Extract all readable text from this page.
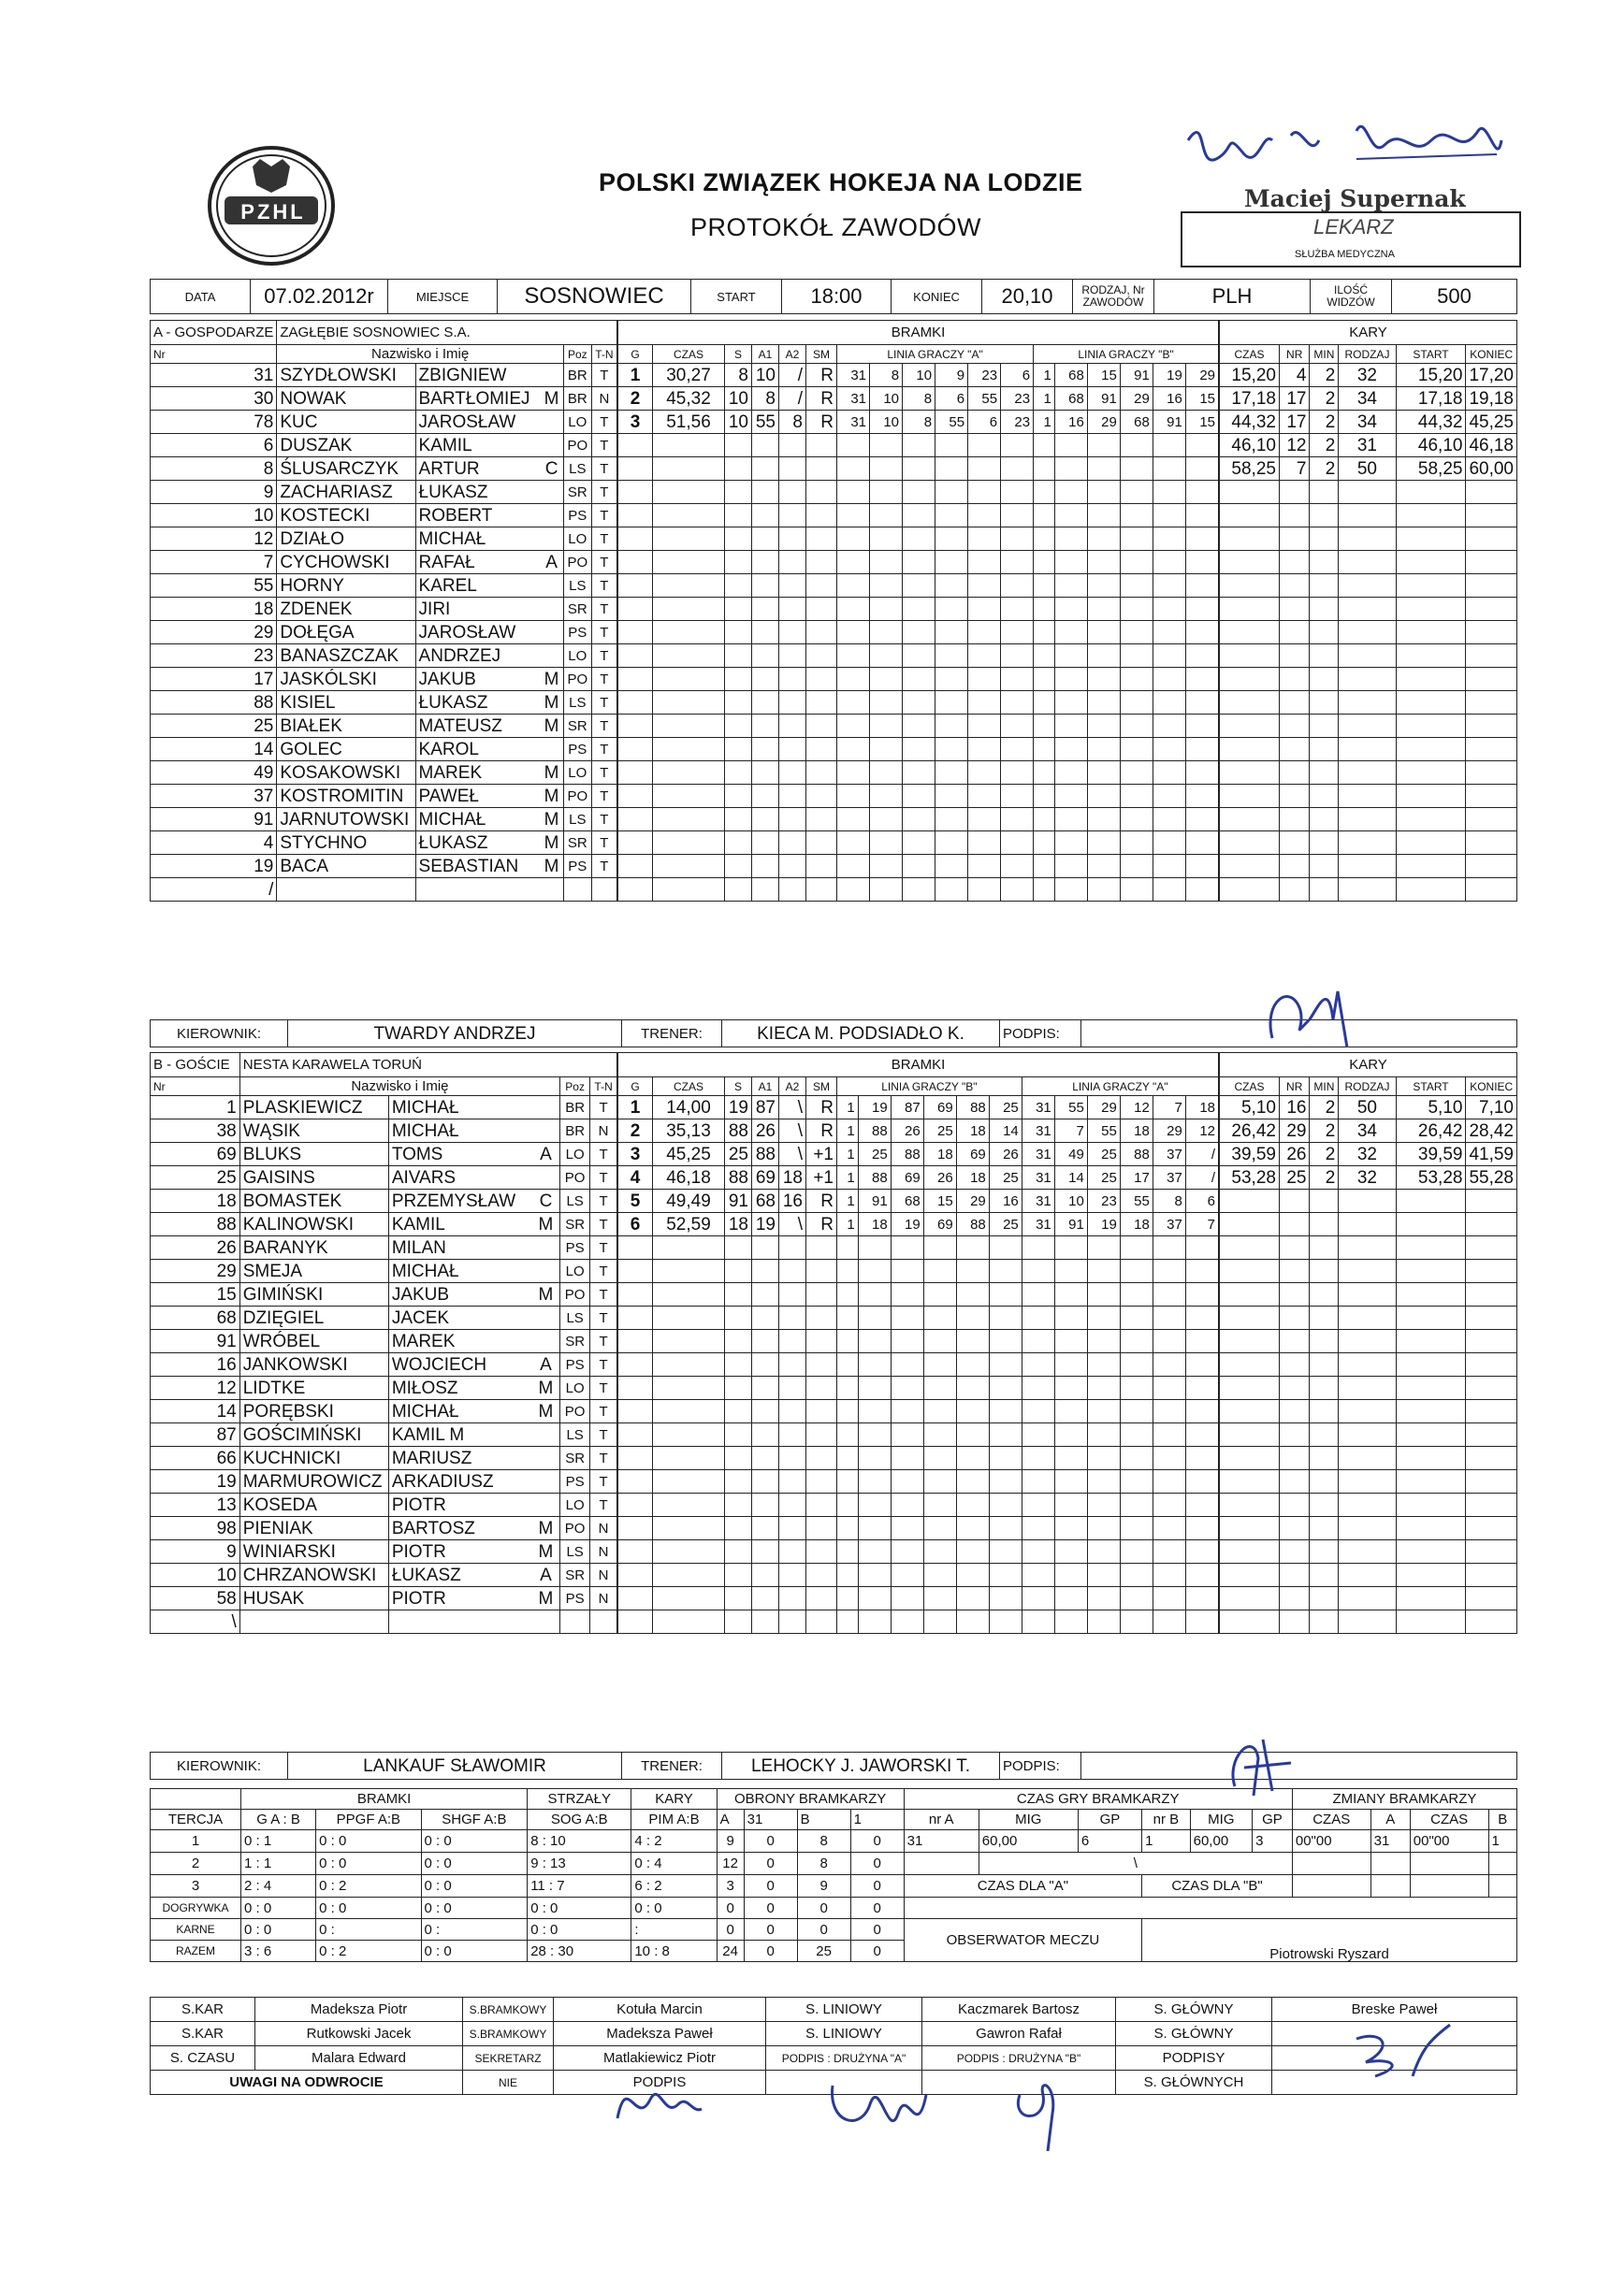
PZHL
POLSKI ZWIĄZEK HOKEJA NA LODZIE
PROTOKÓŁ ZAWODÓW
Maciej Supernak
LEKARZ
SŁUŻBA MEDYCZNA
DATA	07.02.2012r	MIEJSCE	SOSNOWIEC	START	18:00	KONIEC	20,10	RODZAJ, Nr ZAWODÓW	PLH	ILOŚĆ WIDZÓW	500
A - GOSPODARZE	ZAGŁĘBIE SOSNOWIEC S.A.				
Nr	Nazwisko i Imię			Poz	T-N
31	SZYDŁOWSKI	ZBIGNIEW		BR	T
30	NOWAK	BARTŁOMIEJ	M	BR	N
78	KUC	JAROSŁAW		LO	T
6	DUSZAK	KAMIL		PO	T
8	ŚLUSARCZYK	ARTUR	C	LS	T
9	ZACHARIASZ	ŁUKASZ		SR	T
10	KOSTECKI	ROBERT		PS	T
12	DZIAŁO	MICHAŁ		LO	T
7	CYCHOWSKI	RAFAŁ	A	PO	T
55	HORNY	KAREL		LS	T
18	ZDENEK	JIRI		SR	T
29	DOŁĘGA	JAROSŁAW		PS	T
23	BANASZCZAK	ANDRZEJ		LO	T
17	JASKÓLSKI	JAKUB	M	PO	T
88	KISIEL	ŁUKASZ	M	LS	T
25	BIAŁEK	MATEUSZ	M	SR	T
14	GOLEC	KAROL		PS	T
49	KOSAKOWSKI	MAREK	M	LO	T
37	KOSTROMITIN	PAWEŁ	M	PO	T
91	JARNUTOWSKI	MICHAŁ	M	LS	T
4	STYCHNO	ŁUKASZ	M	SR	T
19	BACA	SEBASTIAN	M	PS	T
/					
BRAMKI																	
G	CZAS	S	A1	A2	SM	LINIA GRACZY "A"						LINIA GRACZY "B"					
1	30,27	8	10	/	R	31	8	10	9	23	6	1	68	15	91	19	29
2	45,32	10	8	/	R	31	10	8	6	55	23	1	68	91	29	16	15
3	51,56	10	55	8	R	31	10	8	55	6	23	1	16	29	68	91	15

KARY					
CZAS	NR	MIN	RODZAJ	START	KONIEC
15,20	4	2	32	15,20	17,20
17,18	17	2	34	17,18	19,18
44,32	17	2	34	44,32	45,25
46,10	12	2	31	46,10	46,18
58,25	7	2	50	58,25	60,00

KIEROWNIK:	TWARDY ANDRZEJ	TRENER:	KIECA M. PODSIADŁO K.	PODPIS:	
B - GOŚCIE	NESTA KARAWELA TORUŃ				
Nr	Nazwisko i Imię			Poz	T-N
1	PLASKIEWICZ	MICHAŁ		BR	T
38	WĄSIK	MICHAŁ		BR	N
69	BLUKS	TOMS	A	LO	T
25	GAISINS	AIVARS		PO	T
18	BOMASTEK	PRZEMYSŁAW	C	LS	T
88	KALINOWSKI	KAMIL	M	SR	T
26	BARANYK	MILAN		PS	T
29	SMEJA	MICHAŁ		LO	T
15	GIMIŃSKI	JAKUB	M	PO	T
68	DZIĘGIEL	JACEK		LS	T
91	WRÓBEL	MAREK		SR	T
16	JANKOWSKI	WOJCIECH	A	PS	T
12	LIDTKE	MIŁOSZ	M	LO	T
14	PORĘBSKI	MICHAŁ	M	PO	T
87	GOŚCIMIŃSKI	KAMIL M		LS	T
66	KUCHNICKI	MARIUSZ		SR	T
19	MARMUROWICZ	ARKADIUSZ		PS	T
13	KOSEDA	PIOTR		LO	T
98	PIENIAK	BARTOSZ	M	PO	N
9	WINIARSKI	PIOTR	M	LS	N
10	CHRZANOWSKI	ŁUKASZ	A	SR	N
58	HUSAK	PIOTR	M	PS	N
\					
BRAMKI																	
G	CZAS	S	A1	A2	SM	LINIA GRACZY "B"						LINIA GRACZY "A"					
1	14,00	19	87	\	R	1	19	87	69	88	25	31	55	29	12	7	18
2	35,13	88	26	\	R	1	88	26	25	18	14	31	7	55	18	29	12
3	45,25	25	88	\	+1	1	25	88	18	69	26	31	49	25	88	37	/
4	46,18	88	69	18	+1	1	88	69	26	18	25	31	14	25	17	37	/
5	49,49	91	68	16	R	1	91	68	15	29	16	31	10	23	55	8	6
6	52,59	18	19	\	R	1	18	19	69	88	25	31	91	19	18	37	7

KARY					
CZAS	NR	MIN	RODZAJ	START	KONIEC
5,10	16	2	50	5,10	7,10
26,42	29	2	34	26,42	28,42
39,59	26	2	32	39,59	41,59
53,28	25	2	32	53,28	55,28

KIEROWNIK:	LANKAUF SŁAWOMIR	TRENER:	LEHOCKY J. JAWORSKI T.	PODPIS:	
	BRAMKI			STRZAŁY	KARY	OBRONY BRAMKARZY				CZAS GRY BRAMKARZY						ZMIANY BRAMKARZY			
TERCJA	G A : B	PPGF A:B	SHGF A:B	SOG A:B	PIM A:B	A	31	B	1	nr A	MIG	GP	nr B	MIG	GP	CZAS	A	CZAS	B
1	0 : 1	0 : 0	0 : 0	8 : 10	4 : 2	9	0	8	0	31	60,00	6	1	60,00	3	00"00	31	00"00	1
2	1 : 1	0 : 0	0 : 0	9 : 13	0 : 4	12	0	8	0		\								
3	2 : 4	0 : 2	0 : 0	11 : 7	6 : 2	3	0	9	0	CZAS DLA "A"			CZAS DLA "B"						
DOGRYWKA	0 : 0	0 : 0	0 : 0	0 : 0	0 : 0	0	0	0	0										
KARNE	0 : 0	0 :	0 :	0 : 0	:	0	0	0	0	OBSERWATOR MECZU			Piotrowski Ryszard						
RAZEM	3 : 6	0 : 2	0 : 0	28 : 30	10 : 8	24	0	25	0										
S.KAR	Madeksza Piotr	S.BRAMKOWY	Kotuła Marcin	S. LINIOWY	Kaczmarek Bartosz	S. GŁÓWNY	Breske Paweł
S.KAR	Rutkowski Jacek	S.BRAMKOWY	Madeksza Paweł	S. LINIOWY	Gawron Rafał	S. GŁÓWNY	
S. CZASU	Malara Edward	SEKRETARZ	Matlakiewicz Piotr	PODPIS : DRUŻYNA "A"	PODPIS : DRUŻYNA "B"	PODPISY	
UWAGI NA ODWROCIE		NIE	PODPIS			S. GŁÓWNYCH	
